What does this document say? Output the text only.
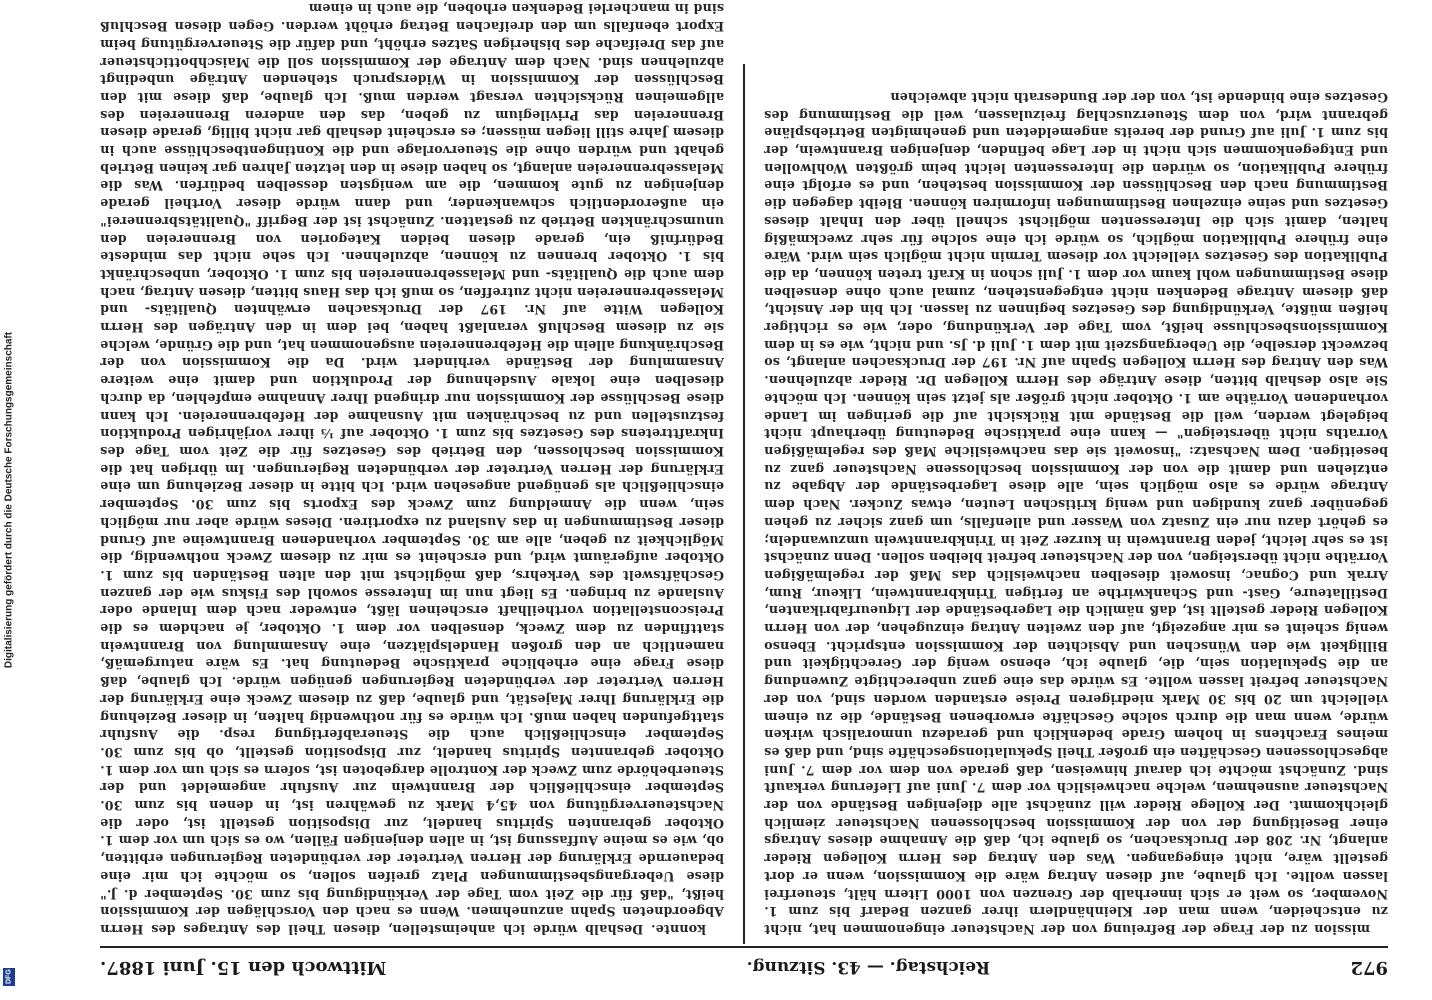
Digitalisierung gefördert durch die Deutsche Forschungsgemeinschaft
DFG	972
Reichstag. — 43. Sitzung.
Mittwoch den 15. Juni 1887.

mission zu der Frage der Befreiung von der Nachsteuer eingenommen hat, nicht zu entscheiden, wenn man der Kleinhändlern ihrer ganzen Bedarf bis zum 1. November, so weit er sich innerhalb der Grenzen von 1000 Litern hält, steuerfrei lassen wollte. Ich glaube, auf diesen Antrag wäre die Kommission, wenn er dort gestellt wäre, nicht eingegangen. Was den Antrag des Herrn Kollegen Rieder anlangt, Nr. 208 der Drucksachen, so glaube ich, daß die Annahme dieses Antrags einer Beseitigung der von der Kommission beschlossenen Nachsteuer ziemlich gleichkommt. Der Kollege Rieder will zunächst alle diejenigen Bestände von der Nachsteuer ausnehmen, welche nachweislich vor dem 7. Juni auf Lieferung verkauft sind. Zunächst möchte ich darauf hinweisen, daß gerade von dem vor dem 7. Juni abgeschlossenen Geschäften ein großer Theil Spekulationsgeschäfte sind, und daß es meines Erachtens in hohem Grade bedenklich und geradezu unmoralisch wirken würde, wenn man die durch solche Geschäfte erworbenen Bestände, die zu einem vielleicht um 20 bis 30 Mark niedrigeren Preise erstanden worden sind, von der Nachsteuer befreit lassen wollte. Es würde das eine ganz unberechtigte Zuwendung an die Spekulation sein, die, glaube ich, ebenso wenig der Gerechtigkeit und Billigkeit wie den Wünschen und Absichten der Kommission entspricht. Ebenso wenig scheint es mir angezeigt, auf den zweiten Antrag einzugehen, der von Herrn Kollegen Rieder gestellt ist, daß nämlich die Lagerbestände der Liqueurfabrikanten, Destillateure, Gast- und Schankwirthe an fertigen Trinkbranntwein, Likeur, Rum, Arrak und Cognac, insoweit dieselben nachweislich das Maß der regelmäßigen Vorräthe nicht übersteigen, von der Nachsteuer befreit bleiben sollen. Denn zunächst ist es sehr leicht, jeden Branntwein in kurzer Zeit in Trinkbranntwein umzuwandeln; es gehört dazu nur ein Zusatz von Wasser und allenfalls, um ganz sicher zu gehen gegenüber ganz kundigen und wenig kritischen Leuten, etwas Zucker. Nach dem Antrage würde es also möglich sein, alle diese Lagerbestände der Abgabe zu entziehen und damit die von der Kommission beschlossene Nachsteuer ganz zu beseitigen. Dem Nachsatz: "insoweit sie das nachweisliche Maß des regelmäßigen Vorraths nicht übersteigen" — kann eine praktische Bedeutung überhaupt nicht beigelegt werden, weil die Bestände mit Rücksicht auf die geringen im Lande vorhandenen Vorräthe am 1. Oktober nicht größer als jetzt sein können. Ich möchte Sie also deshalb bitten, diese Anträge des Herrn Kollegen Dr. Rieder abzulehnen. Was den Antrag des Herrn Kollegen Spahn auf Nr. 197 der Drucksachen anlangt, so bezweckt derselbe, die Uebergangszeit mit dem 1. Juli d. Js. und nicht, wie es in dem Kommissionsbeschlusse heißt, vom Tage der Verkündung, oder, wie es richtiger heißen müßte, Verkündigung des Gesetzes beginnen zu lassen. Ich bin der Ansicht, daß diesem Antrage Bedenken nicht entgegenstehen, zumal auch ohne denselben diese Bestimmungen wohl kaum vor dem 1. Juli schon in Kraft treten können, da die Publikation des Gesetzes vielleicht vor diesem Termin nicht möglich sein wird. Wäre eine frühere Publikation möglich, so würde ich eine solche für sehr zweckmäßig halten, damit sich die Interessenten möglichst schnell über den Inhalt dieses Gesetzes und seine einzelnen Bestimmungen informiren können. Bleibt dagegen die Bestimmung nach den Beschlüssen der Kommission bestehen, und es erfolgt eine frühere Publikation, so würden die Interessenten leicht beim größten Wohlwollen und Entgegenkommen sich nicht in der Lage befinden, denjenigen Branntwein, der bis zum 1. Juli auf Grund der bereits angemeldeten und genehmigten Betriebspläne gebrannt wird, von dem Steuerzuschlag freizulassen, weil die Bestimmung des Gesetzes eine bindende ist, von der der Bundesrath nicht abweichen

konnte. Deshalb würde ich anheimstellen, diesen Theil des Antrages des Herrn Abgeordneten Spahn anzunehmen. Wenn es nach den Vorschlägen der Kommission heißt, "daß für die Zeit vom Tage der Verkündigung bis zum 30. September d. J." diese Uebergangsbestimmungen Platz greifen sollen, so möchte ich mir eine bedauernde Erklärung der Herren Vertreter der verbündeten Regierungen erbitten, ob, wie es meine Auffassung ist, in allen denjenigen Fällen, wo es sich um vor dem 1. Oktober gebrannten Spiritus handelt, zur Disposition gestellt ist, oder die Nachsteuervergütung von 45,4 Mark zu gewähren ist, in denen bis zum 30. September einschließlich der Branntwein zur Ausfuhr angemeldet und der Steuerbehörde zum Zweck der Kontrolle dargeboten ist, sofern es sich um vor dem 1. Oktober gebrannten Spiritus handelt, zur Disposition gestellt, ob bis zum 30. September einschließlich auch die Steuerabfertigung resp. die Ausfuhr stattgefunden haben muß. Ich würde es für nothwendig halten, in dieser Beziehung die Erklärung Ihrer Majestät, und glaube, daß zu diesem Zweck eine Erklärung der Herren Vertreter der verbündeten Regierungen genügen würde. Ich glaube, daß diese Frage eine erhebliche praktische Bedeutung hat. Es wäre naturgemäß, namentlich an den großen Handelsplätzen, eine Ansammlung von Branntwein stattfinden zu dem Zweck, denselben vor dem 1. Oktober, je nachdem es die Preisconstellation vortheilhaft erscheinen läßt, entweder nach dem Inlande oder Auslande zu bringen. Es liegt nun im Interesse sowohl des Fiskus wie der ganzen Geschäftswelt des Verkehrs, daß möglichst mit den alten Beständen bis zum 1. Oktober aufgeräumt wird, und erscheint es mir zu diesem Zweck nothwendig, die Möglichkeit zu geben, alle am 30. September vorhandenen Branntweine auf Grund dieser Bestimmungen in das Ausland zu exportiren. Dieses würde aber nur möglich sein, wenn die Anmeldung zum Zweck des Exports bis zum 30. September einschließlich als genügend angesehen wird. Ich bitte in dieser Beziehung um eine Erklärung der Herren Vertreter der verbündeten Regierungen. Im übrigen hat die Kommission beschlossen, den Betrieb des Gesetzes für die Zeit vom Tage des Inkrafttretens des Gesetzes bis zum 1. Oktober auf ⅓ ihrer vorjährigen Produktion festzustellen und zu beschränken mit Ausnahme der Hefebrennereien. Ich kann diese Beschlüsse der Kommission nur dringend Ihrer Annahme empfehlen, da durch dieselben eine lokale Ausdehnung der Produktion und damit eine weitere Ansammlung der Bestände verhindert wird. Da die Kommission von der Beschränkung allein die Hefebrennereien ausgenommen hat, und die Gründe, welche sie zu diesem Beschluß veranlaßt haben, bei dem in den Anträgen des Herrn Kollegen Witte auf Nr. 197 der Drucksachen erwähnten Qualitäts- und Melassebrennereien nicht zutreffen, so muß ich das Haus bitten, diesen Antrag, nach dem auch die Qualitäts- und Melassebrennereien bis zum 1. Oktober, unbeschränkt bis 1. Oktober brennen zu können, abzulehnen. Ich sehe nicht das mindeste Bedürfniß ein, gerade diesen beiden Kategorien von Brennereien den unumschränkten Betrieb zu gestatten. Zunächst ist der Begriff "Qualitätsbrennerei" ein außerordentlich schwankender, und dann würde dieser Vortheil gerade denjenigen zu gute kommen, die am wenigsten desselben bedürfen. Was die Melassebrennereien anlangt, so haben diese in den letzten Jahren gar keinen Betrieb gehabt und würden ohne die Steuervorlage und die Kontingentbeschlüsse auch in diesem Jahre still liegen müssen; es erscheint deshalb gar nicht billig, gerade diesen Brennereien das Privilegium zu geben, das den anderen Brennereien des allgemeinen Rücksichten versagt werden muß. Ich glaube, daß diese mit den Beschlüssen der Kommission in Widerspruch stehenden Anträge unbedingt abzulehnen sind. Nach dem Antrage der Kommission soll die Maischbottichsteuer auf das Dreifache des bisherigen Satzes erhöht, und dafür die Steuervergütung beim Export ebenfalls um den dreifachen Betrag erhöht werden. Gegen diesen Beschluß sind in mancherlei Bedenken erhoben, die auch in einem
